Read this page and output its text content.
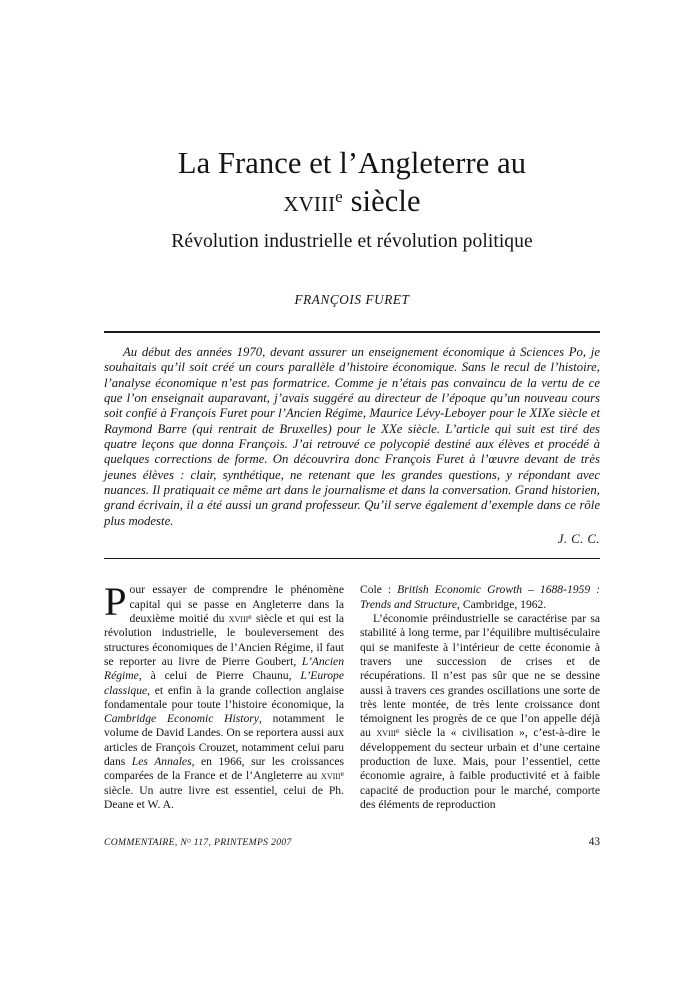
La France et l’Angleterre au
xviii$^e$ siècle
Révolution industrielle et révolution politique
FRANÇOIS FURET

Au début des années 1970, devant assurer un enseignement économique à Sciences Po, je souhaitais qu’il soit créé un cours parallèle d’histoire économique. Sans le recul de l’histoire, l’analyse économique n’est pas formatrice. Comme je n’étais pas convaincu de la vertu de ce que l’on enseignait auparavant, j’avais suggéré au directeur de l’époque qu’un nouveau cours soit confié à François Furet pour l’Ancien Régime, Maurice Lévy-Leboyer pour le XIXe siècle et Raymond Barre (qui rentrait de Bruxelles) pour le XXe siècle. L’article qui suit est tiré des quatre leçons que donna François. J’ai retrouvé ce polycopié destiné aux élèves et procédé à quelques corrections de forme. On découvrira donc François Furet à l’œuvre devant de très jeunes élèves : clair, synthétique, ne retenant que les grandes questions, y répondant avec nuances. Il pratiquait ce même art dans le journalisme et dans la conversation. Grand historien, grand écrivain, il a été aussi un grand professeur. Qu’il serve également d’exemple dans ce rôle plus modeste.

J. C. C.

Pour essayer de comprendre le phénomène capital qui se passe en Angleterre dans la deuxième moitié du xviii$^e$ siècle et qui est la révolution industrielle, le bouleversement des structures économiques de l’Ancien Régime, il faut se reporter au livre de Pierre Goubert, L’Ancien Régime, à celui de Pierre Chaunu, L’Europe classique, et enfin à la grande collection anglaise fondamentale pour toute l’histoire économique, la Cambridge Economic History, notamment le volume de David Landes. On se reportera aussi aux articles de François Crouzet, notamment celui paru dans Les Annales, en 1966, sur les croissances comparées de la France et de l’Angleterre au xviii$^e$ siècle. Un autre livre est essentiel, celui de Ph. Deane et W. A.

Cole : British Economic Growth – 1688-1959 : Trends and Structure, Cambridge, 1962.

L’économie préindustrielle se caractérise par sa stabilité à long terme, par l’équilibre multiséculaire qui se manifeste à l’intérieur de cette économie à travers une succession de crises et de récupérations. Il n’est pas sûr que ne se dessine aussi à travers ces grandes oscillations une sorte de très lente montée, de très lente croissance dont témoignent les progrès de ce que l’on appelle déjà au xviii$^e$ siècle la « civilisation », c’est-à-dire le développement du secteur urbain et d’une certaine production de luxe. Mais, pour l’essentiel, cette économie agraire, à faible productivité et à faible capacité de production pour le marché, comporte des éléments de reproduction

COMMENTAIRE, $N^o$ 117, PRINTEMPS 2007	43
